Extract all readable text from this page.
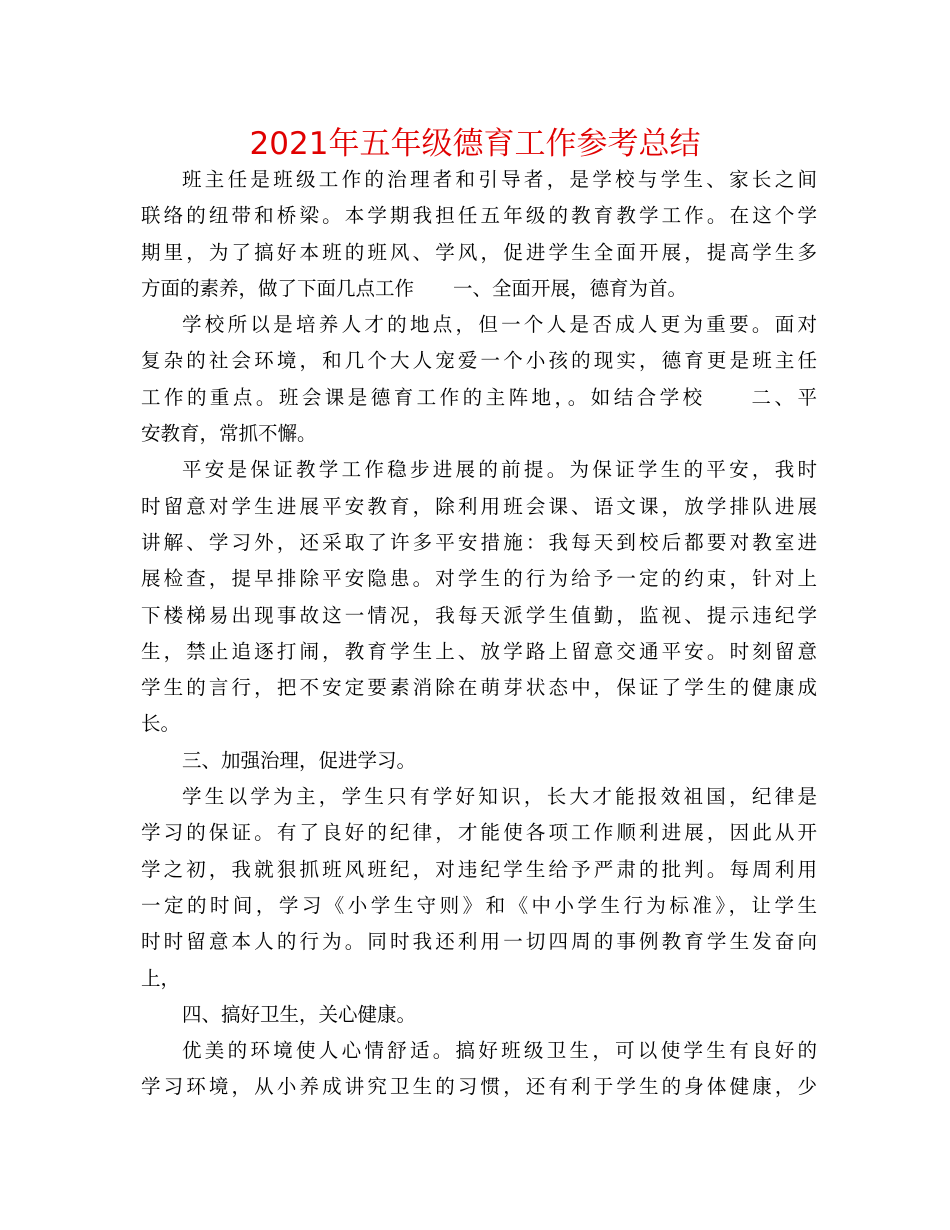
2021年五年级德育工作参考总结
班主任是班级工作的治理者和引导者，是学校与学生、家长之间
联络的纽带和桥梁。本学期我担任五年级的教育教学工作。在这个学
期里，为了搞好本班的班风、学风，促进学生全面开展，提高学生多
方面的素养，做了下面几点工作　　一、全面开展，德育为首。
学校所以是培养人才的地点，但一个人是否成人更为重要。面对
复杂的社会环境，和几个大人宠爱一个小孩的现实，德育更是班主任
工作的重点。班会课是德育工作的主阵地，。如结合学校　　二、平
安教育，常抓不懈。
平安是保证教学工作稳步进展的前提。为保证学生的平安，我时
时留意对学生进展平安教育，除利用班会课、语文课，放学排队进展
讲解、学习外，还采取了许多平安措施：我每天到校后都要对教室进
展检查，提早排除平安隐患。对学生的行为给予一定的约束，针对上
下楼梯易出现事故这一情况，我每天派学生值勤，监视、提示违纪学
生，禁止追逐打闹，教育学生上、放学路上留意交通平安。时刻留意
学生的言行，把不安定要素消除在萌芽状态中，保证了学生的健康成
长。
三、加强治理，促进学习。
学生以学为主，学生只有学好知识，长大才能报效祖国，纪律是
学习的保证。有了良好的纪律，才能使各项工作顺利进展，因此从开
学之初，我就狠抓班风班纪，对违纪学生给予严肃的批判。每周利用
一定的时间，学习《小学生守则》和《中小学生行为标准》，让学生
时时留意本人的行为。同时我还利用一切四周的事例教育学生发奋向
上，
四、搞好卫生，关心健康。
优美的环境使人心情舒适。搞好班级卫生，可以使学生有良好的
学习环境，从小养成讲究卫生的习惯，还有利于学生的身体健康，少
